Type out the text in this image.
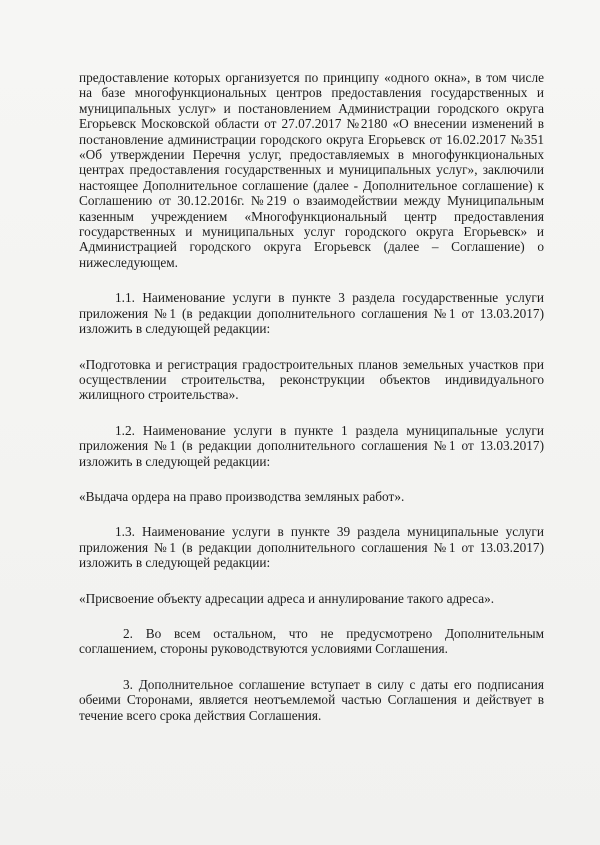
предоставление которых организуется по принципу «одного окна», в том числе на базе многофункциональных центров предоставления государственных и муниципальных услуг» и постановлением Администрации городского округа Егорьевск Московской области от 27.07.2017 №2180 «О внесении изменений в постановление администрации городского округа Егорьевск от 16.02.2017 №351 «Об утверждении Перечня услуг, предоставляемых в многофункциональных центрах предоставления государственных и муниципальных услуг», заключили настоящее Дополнительное соглашение (далее - Дополнительное соглашение) к Соглашению от 30.12.2016г. №219 о взаимодействии между Муниципальным казенным учреждением «Многофункциональный центр предоставления государственных и муниципальных услуг городского округа Егорьевск» и Администрацией городского округа Егорьевск (далее – Соглашение) о нижеследующем.

1.1. Наименование услуги в пункте 3 раздела государственные услуги приложения №1 (в редакции дополнительного соглашения №1 от 13.03.2017) изложить в следующей редакции:

«Подготовка и регистрация градостроительных планов земельных участков при осуществлении строительства, реконструкции объектов индивидуального жилищного строительства».

1.2. Наименование услуги в пункте 1 раздела муниципальные услуги приложения №1 (в редакции дополнительного соглашения №1 от 13.03.2017) изложить в следующей редакции:

«Выдача ордера на право производства земляных работ».

1.3. Наименование услуги в пункте 39 раздела муниципальные услуги приложения №1 (в редакции дополнительного соглашения №1 от 13.03.2017) изложить в следующей редакции:

«Присвоение объекту адресации адреса и аннулирование такого адреса».

2. Во всем остальном, что не предусмотрено Дополнительным соглашением, стороны руководствуются условиями Соглашения.

3. Дополнительное соглашение вступает в силу с даты его подписания обеими Сторонами, является неотъемлемой частью Соглашения и действует в течение всего срока действия Соглашения.
